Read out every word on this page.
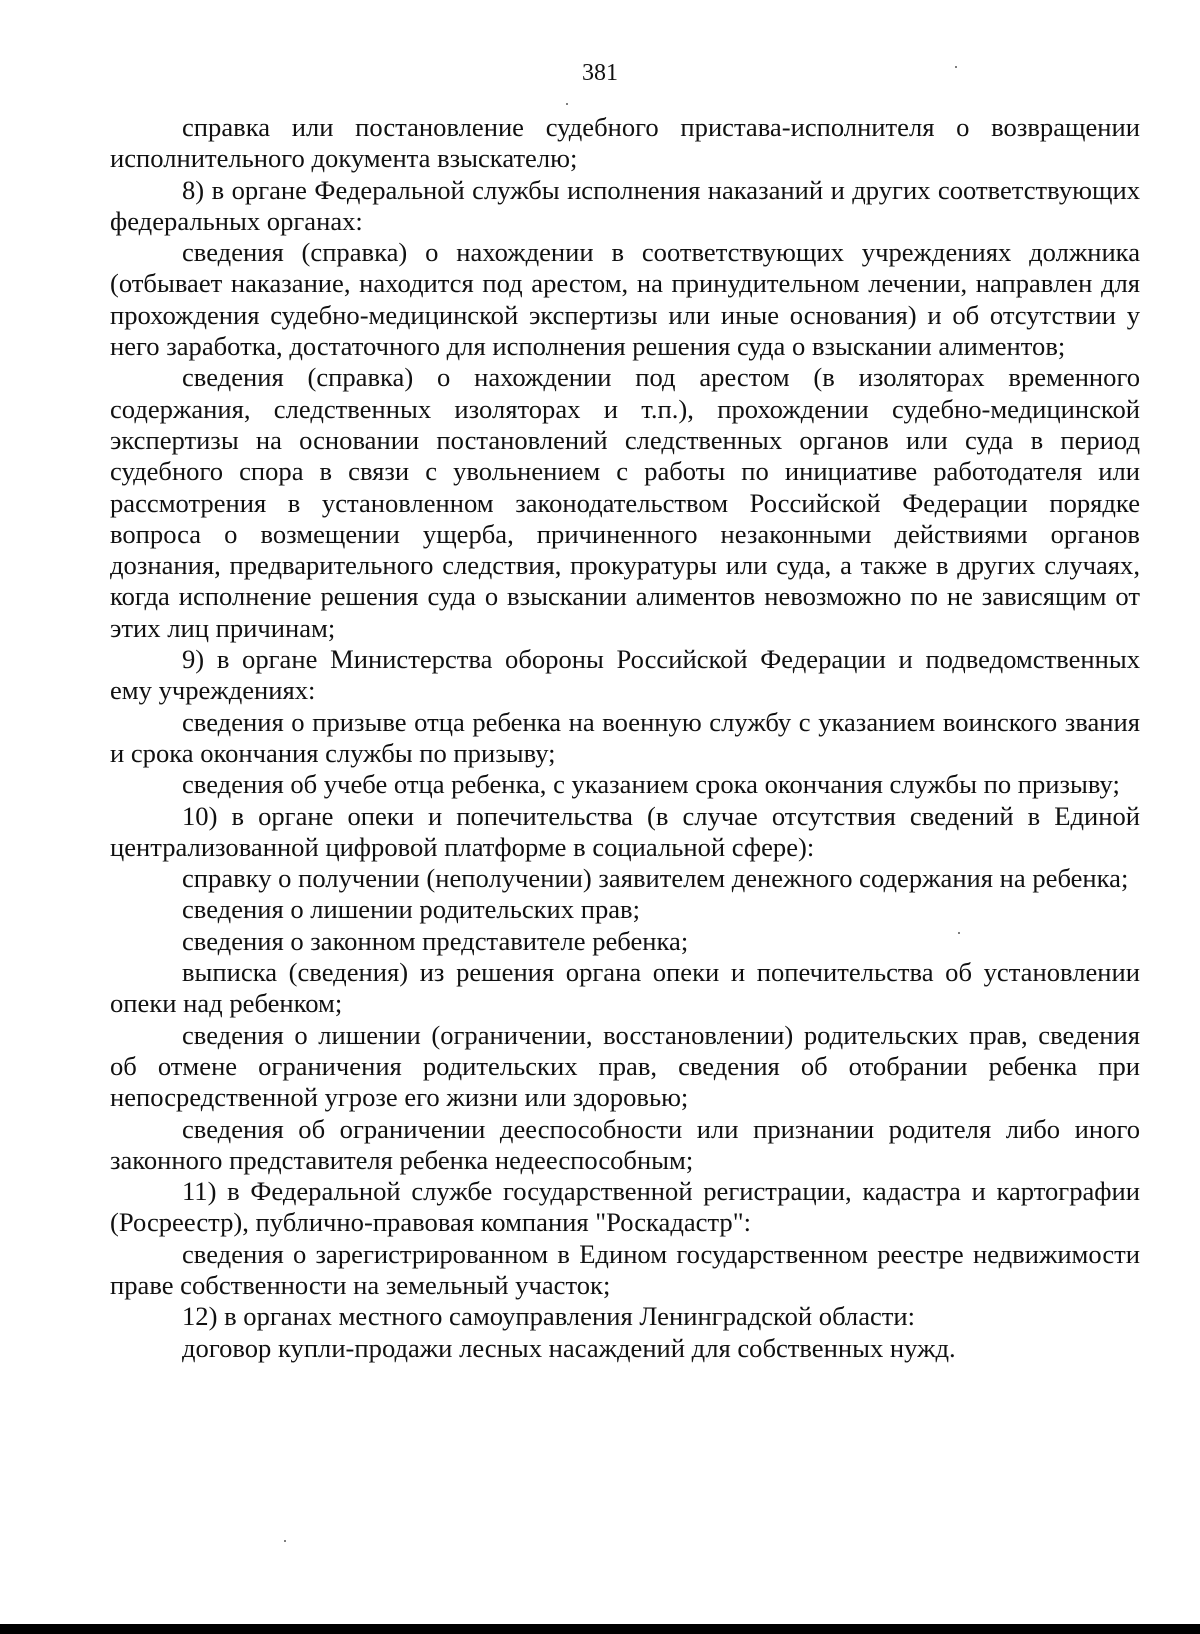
381

справка или постановление судебного пристава-исполнителя о возвращении исполнительного документа взыскателю;

8) в органе Федеральной службы исполнения наказаний и других соответствующих федеральных органах:

сведения (справка) о нахождении в соответствующих учреждениях должника (отбывает наказание, находится под арестом, на принудительном лечении, направлен для прохождения судебно-медицинской экспертизы или иные основания) и об отсутствии у него заработка, достаточного для исполнения решения суда о взыскании алиментов;

сведения (справка) о нахождении под арестом (в изоляторах временного содержания, следственных изоляторах и т.п.), прохождении судебно-медицинской экспертизы на основании постановлений следственных органов или суда в период судебного спора в связи с увольнением с работы по инициативе работодателя или рассмотрения в установленном законодательством Российской Федерации порядке вопроса о возмещении ущерба, причиненного незаконными действиями органов дознания, предварительного следствия, прокуратуры или суда, а также в других случаях, когда исполнение решения суда о взыскании алиментов невозможно по не зависящим от этих лиц причинам;

9) в органе Министерства обороны Российской Федерации и подведомственных ему учреждениях:

сведения о призыве отца ребенка на военную службу с указанием воинского звания и срока окончания службы по призыву;

сведения об учебе отца ребенка, с указанием срока окончания службы по призыву;

10) в органе опеки и попечительства (в случае отсутствия сведений в Единой централизованной цифровой платформе в социальной сфере):

справку о получении (неполучении) заявителем денежного содержания на ребенка;

сведения о лишении родительских прав;

сведения о законном представителе ребенка;

выписка (сведения) из решения органа опеки и попечительства об установлении опеки над ребенком;

сведения о лишении (ограничении, восстановлении) родительских прав, сведения об отмене ограничения родительских прав, сведения об отобрании ребенка при непосредственной угрозе его жизни или здоровью;

сведения об ограничении дееспособности или признании родителя либо иного законного представителя ребенка недееспособным;

11) в Федеральной службе государственной регистрации, кадастра и картографии (Росреестр), публично-правовая компания "Роскадастр":

сведения о зарегистрированном в Едином государственном реестре недвижимости праве собственности на земельный участок;

12) в органах местного самоуправления Ленинградской области:

договор купли-продажи лесных насаждений для собственных нужд.
